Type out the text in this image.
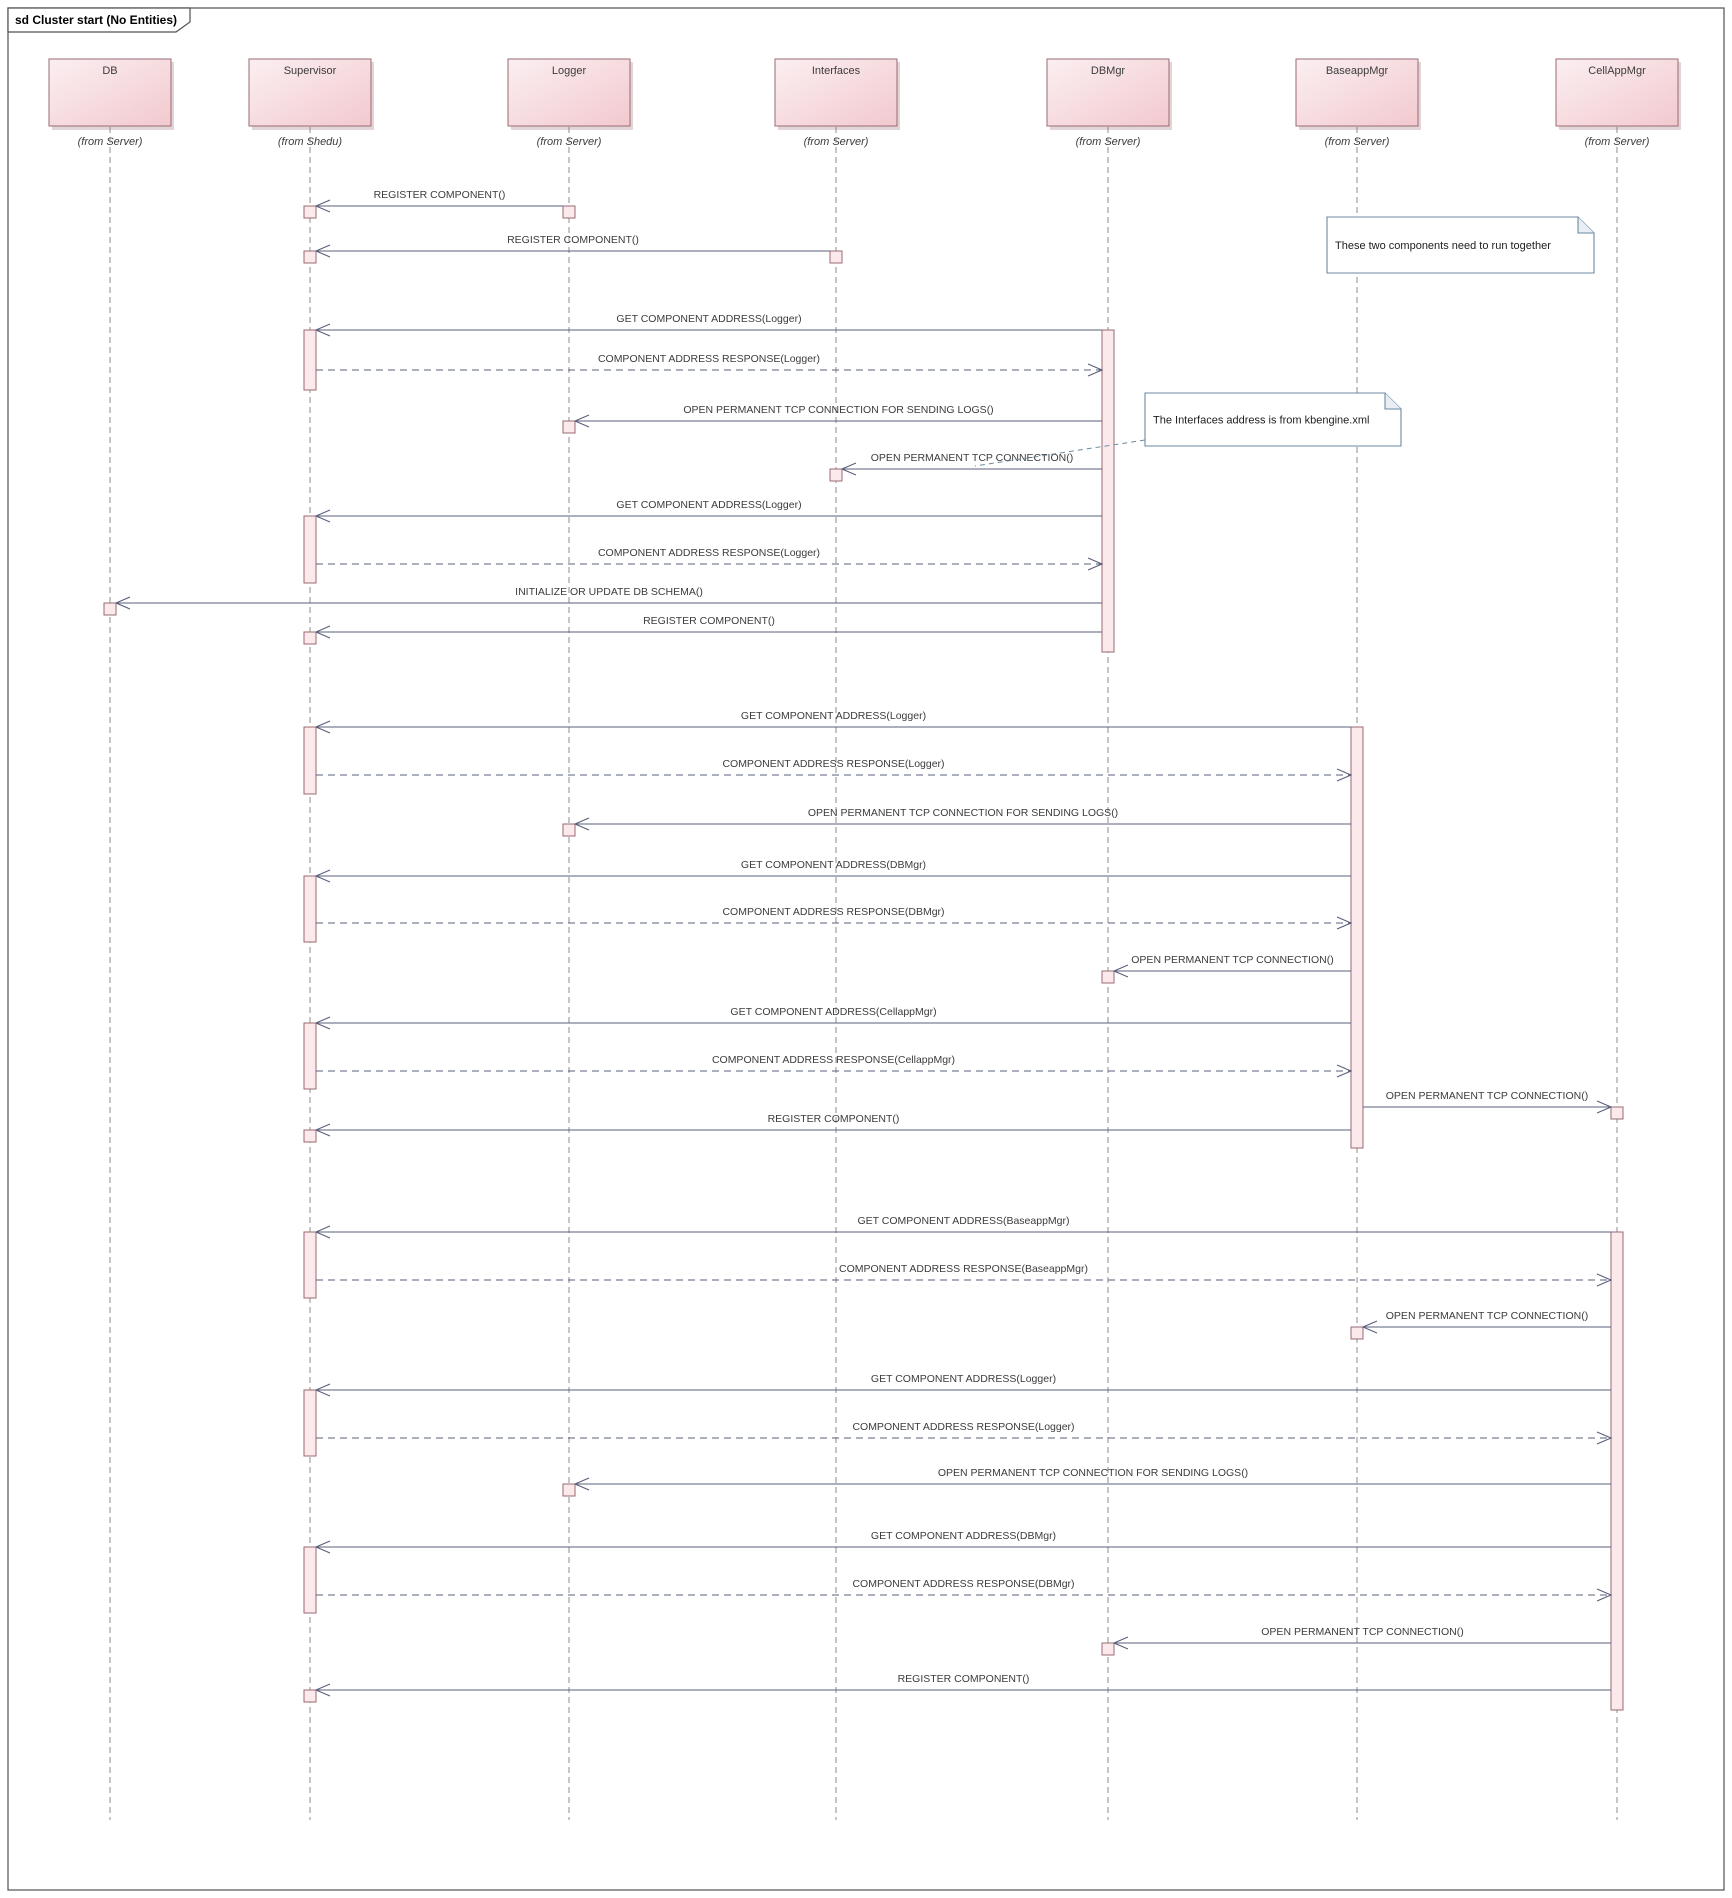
sd Cluster start (No Entities)
DB
(from Server)
Supervisor
(from Shedu)
Logger
(from Server)
Interfaces
(from Server)
DBMgr
(from Server)
BaseappMgr
(from Server)
CellAppMgr
(from Server)
REGISTER COMPONENT()
REGISTER COMPONENT()
GET COMPONENT ADDRESS(Logger)
COMPONENT ADDRESS RESPONSE(Logger)
OPEN PERMANENT TCP CONNECTION FOR SENDING LOGS()
OPEN PERMANENT TCP CONNECTION()
GET COMPONENT ADDRESS(Logger)
COMPONENT ADDRESS RESPONSE(Logger)
INITIALIZE OR UPDATE DB SCHEMA()
REGISTER COMPONENT()
GET COMPONENT ADDRESS(Logger)
COMPONENT ADDRESS RESPONSE(Logger)
OPEN PERMANENT TCP CONNECTION FOR SENDING LOGS()
GET COMPONENT ADDRESS(DBMgr)
COMPONENT ADDRESS RESPONSE(DBMgr)
OPEN PERMANENT TCP CONNECTION()
GET COMPONENT ADDRESS(CellappMgr)
COMPONENT ADDRESS RESPONSE(CellappMgr)
OPEN PERMANENT TCP CONNECTION()
REGISTER COMPONENT()
GET COMPONENT ADDRESS(BaseappMgr)
COMPONENT ADDRESS RESPONSE(BaseappMgr)
OPEN PERMANENT TCP CONNECTION()
GET COMPONENT ADDRESS(Logger)
COMPONENT ADDRESS RESPONSE(Logger)
OPEN PERMANENT TCP CONNECTION FOR SENDING LOGS()
GET COMPONENT ADDRESS(DBMgr)
COMPONENT ADDRESS RESPONSE(DBMgr)
OPEN PERMANENT TCP CONNECTION()
REGISTER COMPONENT()
These two components need to run together
The Interfaces address is from kbengine.xml
